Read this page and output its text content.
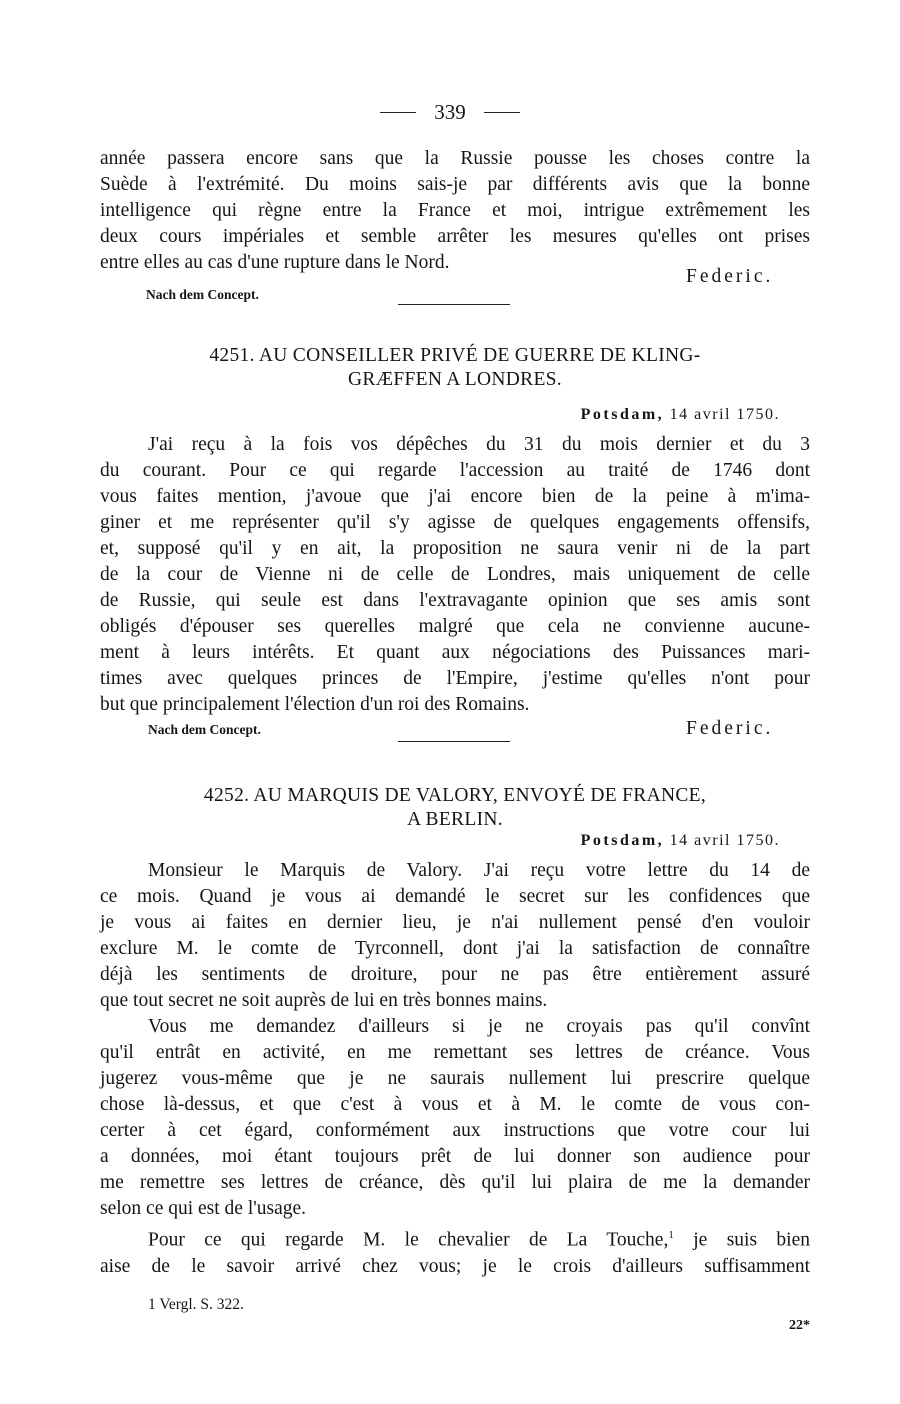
339

année passera encore sans que la Russie pousse les choses contre la

Suède à l'extrémité. Du moins sais-je par différents avis que la bonne

intelligence qui règne entre la France et moi, intrigue extrêmement les

deux cours impériales et semble arrêter les mesures qu'elles ont prises

entre elles au cas d'une rupture dans le Nord.

Federic.
Nach dem Concept.
4251. AU CONSEILLER PRIVÉ DE GUERRE DE KLING-
GRÆFFEN A LONDRES.
Potsdam, 14 avril 1750.

J'ai reçu à la fois vos dépêches du 31 du mois dernier et du 3

du courant. Pour ce qui regarde l'accession au traité de 1746 dont

vous faites mention, j'avoue que j'ai encore bien de la peine à m'ima-

giner et me représenter qu'il s'y agisse de quelques engagements offensifs,

et, supposé qu'il y en ait, la proposition ne saura venir ni de la part

de la cour de Vienne ni de celle de Londres, mais uniquement de celle

de Russie, qui seule est dans l'extravagante opinion que ses amis sont

obligés d'épouser ses querelles malgré que cela ne convienne aucune-

ment à leurs intérêts. Et quant aux négociations des Puissances mari-

times avec quelques princes de l'Empire, j'estime qu'elles n'ont pour

but que principalement l'élection d'un roi des Romains.

Nach dem Concept.	Federic.
4252. AU MARQUIS DE VALORY, ENVOYÉ DE FRANCE,
A BERLIN.
Potsdam, 14 avril 1750.

Monsieur le Marquis de Valory. J'ai reçu votre lettre du 14 de

ce mois. Quand je vous ai demandé le secret sur les confidences que

je vous ai faites en dernier lieu, je n'ai nullement pensé d'en vouloir

exclure M. le comte de Tyrconnell, dont j'ai la satisfaction de connaître

déjà les sentiments de droiture, pour ne pas être entièrement assuré

que tout secret ne soit auprès de lui en très bonnes mains.

Vous me demandez d'ailleurs si je ne croyais pas qu'il convînt

qu'il entrât en activité, en me remettant ses lettres de créance. Vous

jugerez vous-même que je ne saurais nullement lui prescrire quelque

chose là-dessus, et que c'est à vous et à M. le comte de vous con-

certer à cet égard, conformément aux instructions que votre cour lui

a données, moi étant toujours prêt de lui donner son audience pour

me remettre ses lettres de créance, dès qu'il lui plaira de me la demander

selon ce qui est de l'usage.

Pour ce qui regarde M. le chevalier de La Touche,$^1$ je suis bien

aise de le savoir arrivé chez vous; je le crois d'ailleurs suffisamment

1 Vergl. S. 322.
22*
